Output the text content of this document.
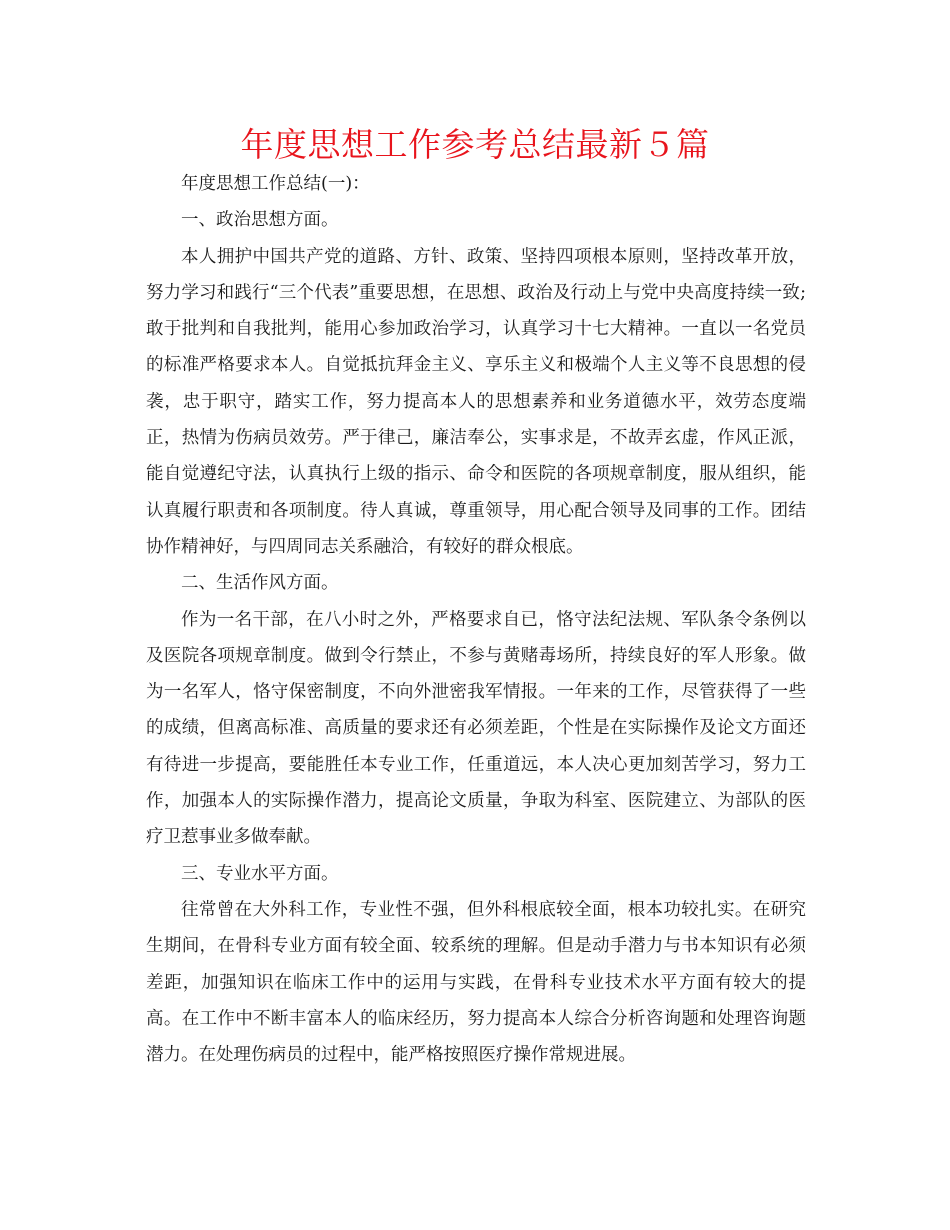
年度思想工作参考总结最新５篇

年度思想工作总结(一)：

一、政治思想方面。

本人拥护中国共产党的道路、方针、政策、坚持四项根本原则，坚持改革开放，努力学习和践行“三个代表”重要思想，在思想、政治及行动上与党中央高度持续一致;敢于批判和自我批判，能用心参加政治学习，认真学习十七大精神。一直以一名党员的标准严格要求本人。自觉抵抗拜金主义、享乐主义和极端个人主义等不良思想的侵袭，忠于职守，踏实工作，努力提高本人的思想素养和业务道德水平，效劳态度端正，热情为伤病员效劳。严于律己，廉洁奉公，实事求是，不故弄玄虚，作风正派，能自觉遵纪守法，认真执行上级的指示、命令和医院的各项规章制度，服从组织，能认真履行职责和各项制度。待人真诚，尊重领导，用心配合领导及同事的工作。团结协作精神好，与四周同志关系融洽，有较好的群众根底。

二、生活作风方面。

作为一名干部，在八小时之外，严格要求自已，恪守法纪法规、军队条令条例以及医院各项规章制度。做到令行禁止，不参与黄赌毒场所，持续良好的军人形象。做为一名军人，恪守保密制度，不向外泄密我军情报。一年来的工作，尽管获得了一些的成绩，但离高标准、高质量的要求还有必须差距，个性是在实际操作及论文方面还有待进一步提高，要能胜任本专业工作，任重道远，本人决心更加刻苦学习，努力工作，加强本人的实际操作潜力，提高论文质量，争取为科室、医院建立、为部队的医疗卫惹事业多做奉献。

三、专业水平方面。

往常曾在大外科工作，专业性不强，但外科根底较全面，根本功较扎实。在研究生期间，在骨科专业方面有较全面、较系统的理解。但是动手潜力与书本知识有必须差距，加强知识在临床工作中的运用与实践，在骨科专业技术水平方面有较大的提高。在工作中不断丰富本人的临床经历，努力提高本人综合分析咨询题和处理咨询题潜力。在处理伤病员的过程中，能严格按照医疗操作常规进展。
